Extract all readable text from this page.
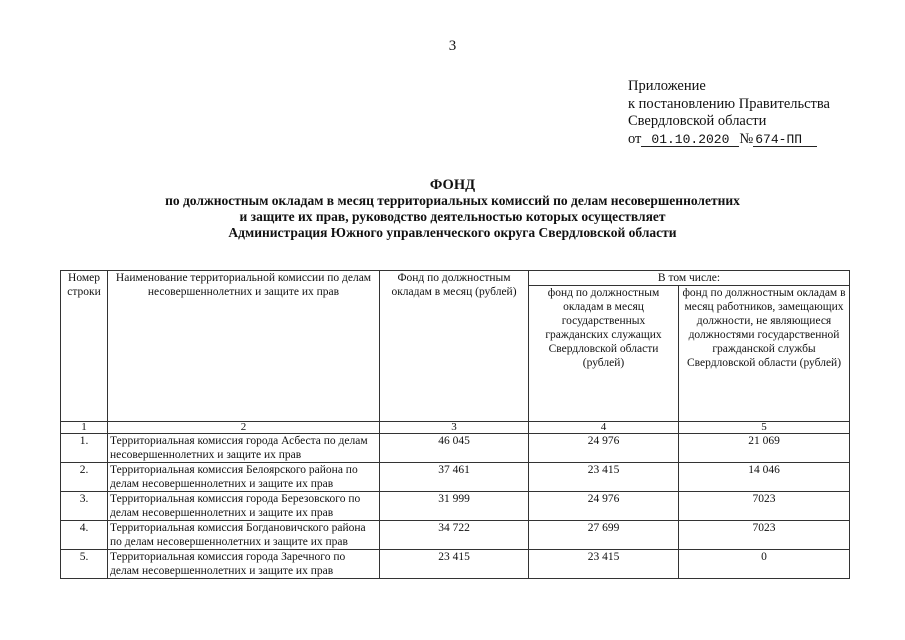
3
Приложение
к постановлению Правительства
Свердловской области
от 01.10.2020 № 674-ПП
ФОНД
по должностным окладам в месяц территориальных комиссий по делам несовершеннолетних
и защите их прав, руководство деятельностью которых осуществляет
Администрация Южного управленческого округа Свердловской области
Номер строки	Наименование территориальной комиссии по делам несовершеннолетних и защите их прав	Фонд по должностным окладам в месяц (рублей)	В том числе:	
			фонд по должностным окладам в месяц государственных гражданских служащих Свердловской области (рублей)	фонд по должностным окладам в месяц работников, замещающих должности, не являющиеся должностями государственной гражданской службы Свердловской области (рублей)
1	2	3	4	5
1.	Территориальная комиссия города Асбеста по делам несовершеннолетних и защите их прав	46 045	24 976	21 069
2.	Территориальная комиссия Белоярского района по делам несовершеннолетних и защите их прав	37 461	23 415	14 046
3.	Территориальная комиссия города Березовского по делам несовершеннолетних и защите их прав	31 999	24 976	7023
4.	Территориальная комиссия Богдановичского района по делам несовершеннолетних и защите их прав	34 722	27 699	7023
5.	Территориальная комиссия города Заречного по делам несовершеннолетних и защите их прав	23 415	23 415	0
